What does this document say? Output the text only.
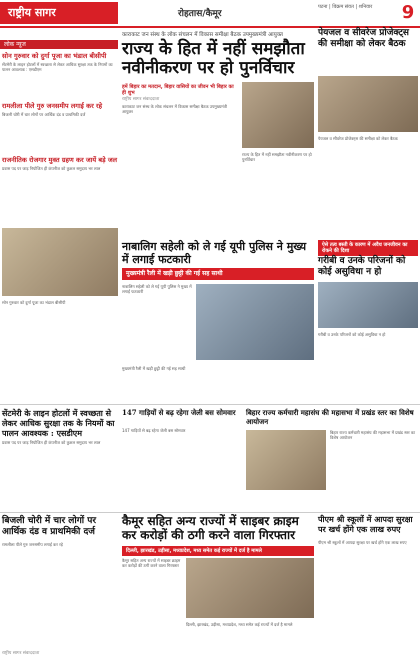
राष्ट्रीय सागर	रोहतास/कैमूर
पटना | विक्रम संवत | शनिवार	9
लोक न्यूज
सोन गुरुवार को दुर्गा पूजा का भंडाल बीसीपी
सेंटमेरी के लाइन होटलों में स्वच्छता से लेकर आधिक सुरक्षा तक के नियमों का पालन आवश्यक : एसडीएम
रामलीला पीले गुरु जनसमीप लगाई कर रहे
बिजली चोरी में चार लोगों पर आर्थिक दंड व प्राथमिकी दर्ज
राजनीतिक रोजगार मुक्त ग्रहण कर जायें बड़े जल
प्रवास पद पर जाड़ नियोजित ही कंपनीज को कुशल समुदाय भर लाल
सोन गुरुवार को दुर्गा पूजा का भंडाल बीसीपी
काराकाट जन संस्थ के लोक संचलन में विकास समीक्षा बैठक उपमुख्यमंत्री आयुक्त
राज्य के हित में नहीं समझौता नवीनीकरण पर हो पुनर्विचार
हमें बिहार का मतदान, बिहार वासियों का जीवन भी बिहार का ही शुभ
राष्ट्रीय सागर संवाददाता
काराकाट जन संस्थ के लोक संचलन में विकास समीक्षा बैठक उपमुख्यमंत्री आयुक्त
राज्य के हित में नहीं समझौता नवीनीकरण पर हो पुनर्विचार
नाबालिग सहेली को ले गई यूपी पुलिस ने मुख्य में लगाई फटकारी
मुख्यमंत्री रैली में खड़ी छुट्टी की गई सह साथी
नाबालिग सहेली को ले गई यूपी पुलिस ने मुख्य में लगाई फटकारी
मुख्यमंत्री रैली में खड़ी छुट्टी की गई सह साथी
पेयजल व सीवरेज प्रोजेक्ट्स की समीक्षा को लेकर बैठक
पेयजल व सीवरेज प्रोजेक्ट्स की समीक्षा को लेकर बैठक
ऐसे तत्व बस्ती के कारण में अवैध जनजीवन का रोकने की दिशा
गरीबी व उनके परिजनों को कोई असुविधा न हो
गरीबी व उनके परिजनों को कोई असुविधा न हो
सेंटमेरी के लाइन होटलों में स्वच्छता से लेकर आधिक सुरक्षा तक के नियमों का पालन आवश्यक : एसडीएम
प्रवास पद पर जाड़ नियोजित ही कंपनीज को कुशल समुदाय भर लाल
147 गाड़ियों से बढ़ रहेगा जेली बस सोमवार
147 गाड़ियों से बढ़ रहेगा जेली बस सोमवार
बिहार राज्य कर्मचारी महासंघ की महासभा में प्रखंड स्तर का विशेष आयोजन
बिहार राज्य कर्मचारी महासंघ की महासभा में प्रखंड स्तर का विशेष आयोजन
बिजली चोरी में चार लोगों पर आर्थिक दंड व प्राथमिकी दर्ज
रामलीला पीले गुरु जनसमीप लगाई कर रहे
कैमूर सहित अन्य राज्यों में साइबर क्राइम कर करोड़ों की ठगी करने वाला गिरफ्तार
दिल्ली, झारखंड, उड़ीसा, मध्यप्रदेश, मध्य समेत कई राज्यों में दर्ज है मामले
कैमूर सहित अन्य राज्यों में साइबर क्राइम कर करोड़ों की ठगी करने वाला गिरफ्तार
दिल्ली, झारखंड, उड़ीसा, मध्यप्रदेश, मध्य समेत कई राज्यों में दर्ज है मामले
पीएम श्री स्कूलों में आपदा सुरक्षा पर खर्च होंगे एक लाख रुपए
पीएम श्री स्कूलों में आपदा सुरक्षा पर खर्च होंगे एक लाख रुपए
राष्ट्रीय सागर संवाददाता
